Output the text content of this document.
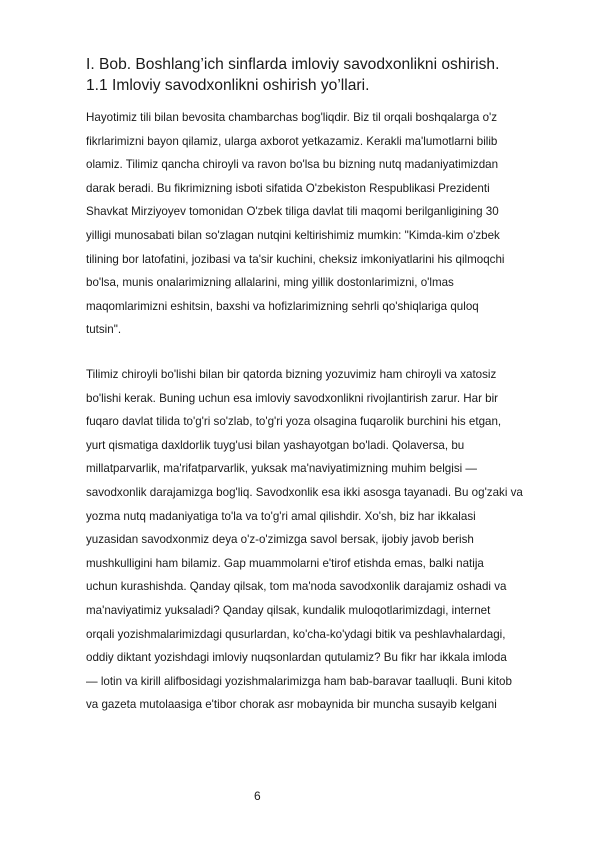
I. Bob. Boshlang’ich sinflarda imloviy savodxonlikni oshirish.
1.1 Imloviy savodxonlikni oshirish yo’llari.
Hayotimiz tili bilan bevosita chambarchas bog'liqdir. Biz til orqali boshqalarga o'z
fikrlarimizni bayon qilamiz, ularga axborot yetkazamiz. Kerakli ma'lumotlarni bilib
olamiz. Tilimiz qancha chiroyli va ravon bo'lsa bu bizning nutq madaniyatimizdan
darak beradi. Bu fikrimizning isboti sifatida O'zbekiston Respublikasi Prezidenti
Shavkat Mirziyoyev tomonidan O'zbek tiliga davlat tili maqomi berilganligining 30
yilligi munosabati bilan so'zlagan nutqini keltirishimiz mumkin: "Kimda-kim o'zbek
tilining bor latofatini, jozibasi va ta'sir kuchini, cheksiz imkoniyatlarini his qilmoqchi
bo'lsa, munis onalarimizning allalarini, ming yillik dostonlarimizni, o'lmas
maqomlarimizni eshitsin, baxshi va hofizlarimizning sehrli qo'shiqlariga quloq
tutsin".
Tilimiz chiroyli bo'lishi bilan bir qatorda bizning yozuvimiz ham chiroyli va xatosiz
bo'lishi kerak. Buning uchun esa imloviy savodxonlikni rivojlantirish zarur. Har bir
fuqaro davlat tilida to'g'ri so'zlab, to'g'ri yoza olsagina fuqarolik burchini his etgan,
yurt qismatiga daxldorlik tuyg'usi bilan yashayotgan bo'ladi. Qolaversa, bu
millatparvarlik, ma'rifatparvarlik, yuksak ma'naviyatimizning muhim belgisi —
savodxonlik darajamizga bog'liq. Savodxonlik esa ikki asosga tayanadi. Bu og'zaki va
yozma nutq madaniyatiga to'la va to'g'ri amal qilishdir. Xo'sh, biz har ikkalasi
yuzasidan savodxonmiz deya o'z-o'zimizga savol bersak, ijobiy javob berish
mushkulligini ham bilamiz. Gap muammolarni e'tirof etishda emas, balki natija
uchun kurashishda. Qanday qilsak, tom ma'noda savodxonlik darajamiz oshadi va
ma'naviyatimiz yuksaladi? Qanday qilsak, kundalik muloqotlarimizdagi, internet
orqali yozishmalarimizdagi qusurlardan, ko'cha-ko'ydagi bitik va peshlavhalardagi,
oddiy diktant yozishdagi imloviy nuqsonlardan qutulamiz? Bu fikr har ikkala imloda
— lotin va kirill alifbosidagi yozishmalarimizga ham bab-baravar taalluqli. Buni kitob
va gazeta mutolaasiga e'tibor chorak asr mobaynida bir muncha susayib kelgani
6
